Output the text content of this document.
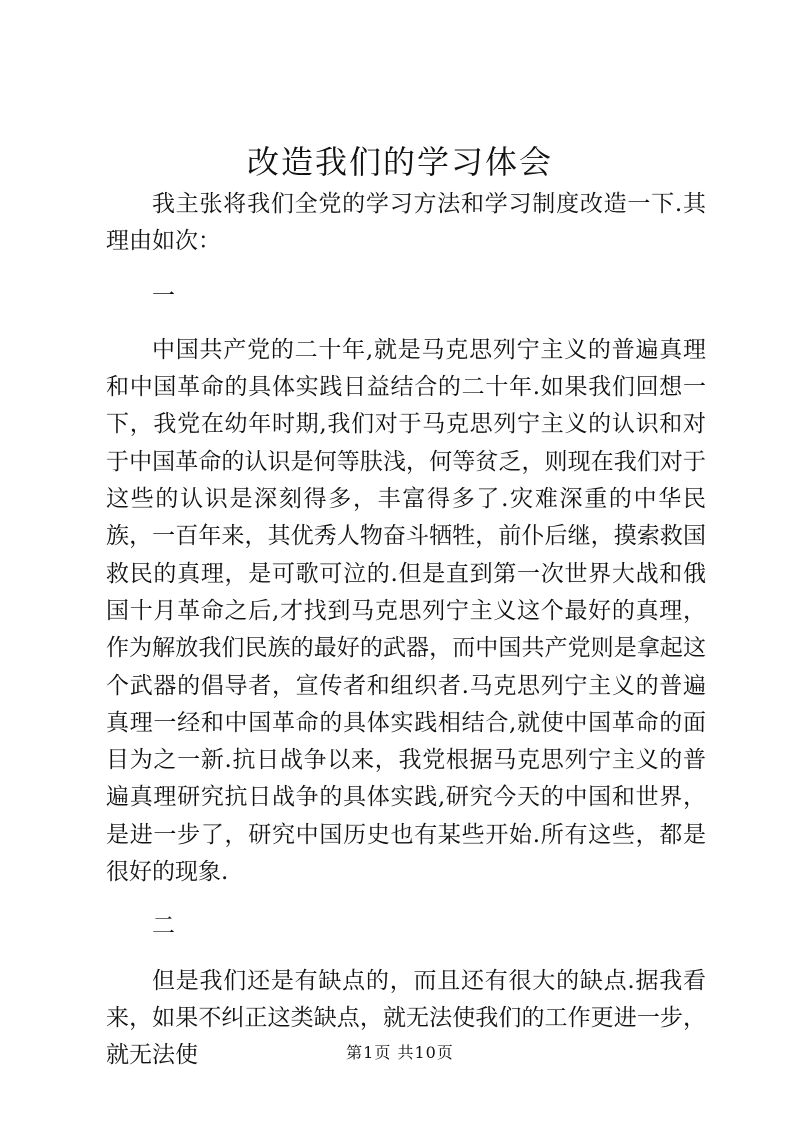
改造我们的学习体会

我主张将我们全党的学习方法和学习制度改造一下.其理由如次：

一

中国共产党的二十年,就是马克思列宁主义的普遍真理和中国革命的具体实践日益结合的二十年.如果我们回想一下，我党在幼年时期,我们对于马克思列宁主义的认识和对于中国革命的认识是何等肤浅，何等贫乏，则现在我们对于这些的认识是深刻得多，丰富得多了.灾难深重的中华民族，一百年来，其优秀人物奋斗牺牲，前仆后继，摸索救国救民的真理，是可歌可泣的.但是直到第一次世界大战和俄国十月革命之后,才找到马克思列宁主义这个最好的真理，作为解放我们民族的最好的武器，而中国共产党则是拿起这个武器的倡导者，宣传者和组织者.马克思列宁主义的普遍真理一经和中国革命的具体实践相结合,就使中国革命的面目为之一新.抗日战争以来，我党根据马克思列宁主义的普遍真理研究抗日战争的具体实践,研究今天的中国和世界，是进一步了，研究中国历史也有某些开始.所有这些，都是很好的现象.

二

但是我们还是有缺点的，而且还有很大的缺点.据我看来，如果不纠正这类缺点，就无法使我们的工作更进一步，就无法使	第1页 共10页
